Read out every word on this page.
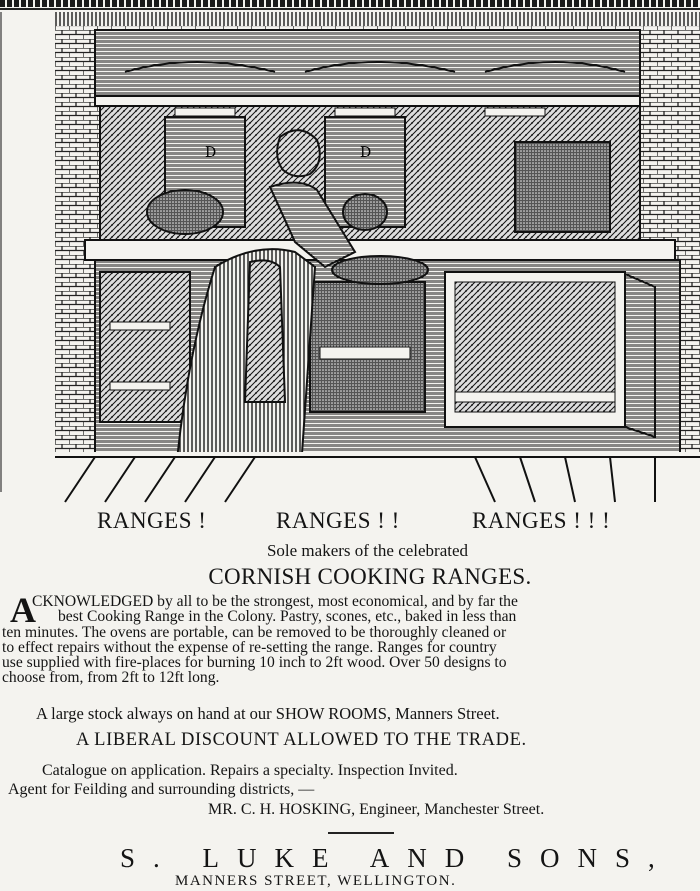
D	D
RANGES !	RANGES ! !	RANGES ! ! !
Sole makers of the celebrated
CORNISH COOKING RANGES.
A
CKNOWLEDGED by all to be the strongest, most economical, and by far the
best Cooking Range in the Colony. Pastry, scones, etc., baked in less than
ten minutes. The ovens are portable, can be removed to be thoroughly cleaned or
to effect repairs without the expense of re-setting the range. Ranges for country
use supplied with fire-places for burning 10 inch to 2ft wood. Over 50 designs to
choose from, from 2ft to 12ft long.
A large stock always on hand at our SHOW ROOMS, Manners Street.
A LIBERAL DISCOUNT ALLOWED TO THE TRADE.
Catalogue on application. Repairs a specialty. Inspection Invited.
Agent for Feilding and surrounding districts, —
MR. C. H. HOSKING, Engineer, Manchester Street.
S. LUKE AND SONS,
MANNERS STREET, WELLINGTON.
